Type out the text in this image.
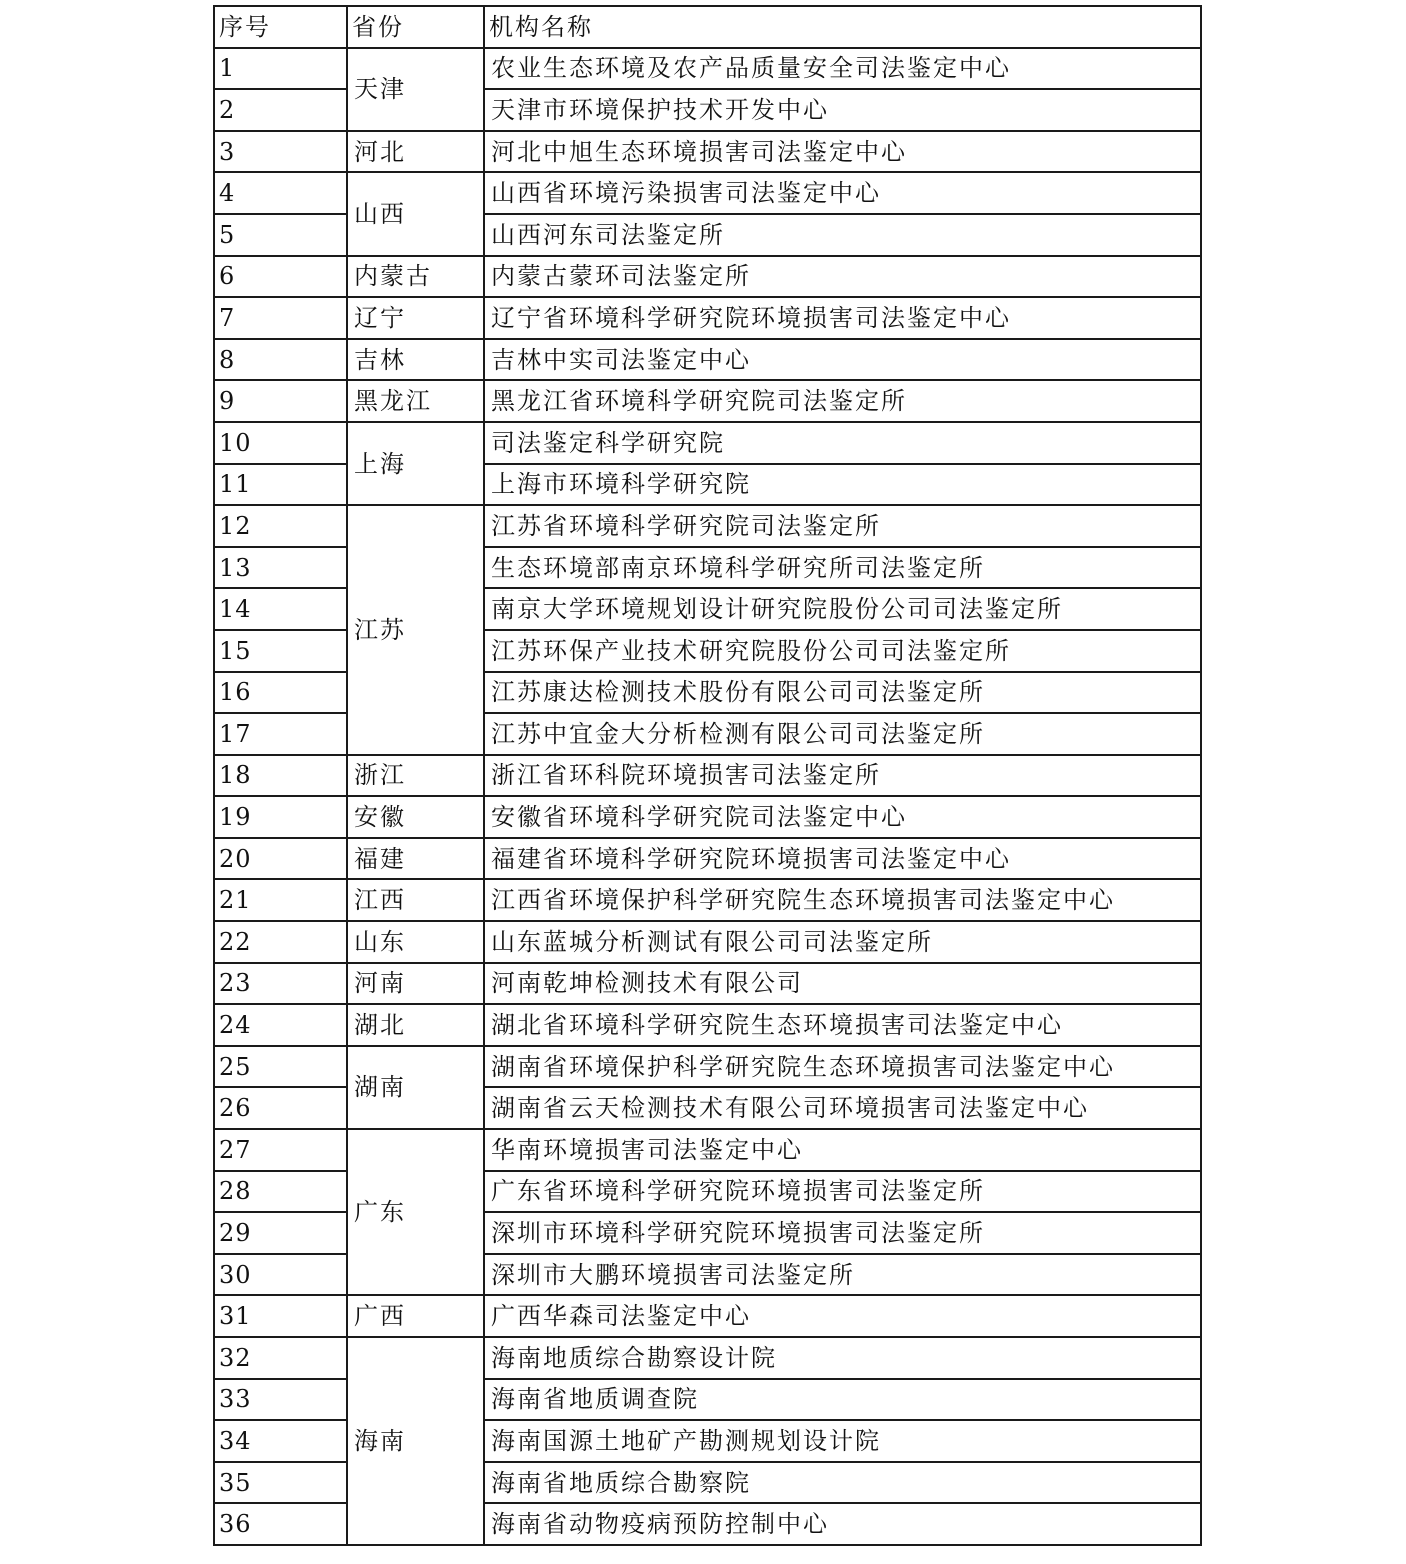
序号	省份	机构名称
1	天津	农业生态环境及农产品质量安全司法鉴定中心
2		天津市环境保护技术开发中心
3	河北	河北中旭生态环境损害司法鉴定中心
4	山西	山西省环境污染损害司法鉴定中心
5		山西河东司法鉴定所
6	内蒙古	内蒙古蒙环司法鉴定所
7	辽宁	辽宁省环境科学研究院环境损害司法鉴定中心
8	吉林	吉林中实司法鉴定中心
9	黑龙江	黑龙江省环境科学研究院司法鉴定所
10	上海	司法鉴定科学研究院
11		上海市环境科学研究院
12	江苏	江苏省环境科学研究院司法鉴定所
13		生态环境部南京环境科学研究所司法鉴定所
14		南京大学环境规划设计研究院股份公司司法鉴定所
15		江苏环保产业技术研究院股份公司司法鉴定所
16		江苏康达检测技术股份有限公司司法鉴定所
17		江苏中宜金大分析检测有限公司司法鉴定所
18	浙江	浙江省环科院环境损害司法鉴定所
19	安徽	安徽省环境科学研究院司法鉴定中心
20	福建	福建省环境科学研究院环境损害司法鉴定中心
21	江西	江西省环境保护科学研究院生态环境损害司法鉴定中心
22	山东	山东蓝城分析测试有限公司司法鉴定所
23	河南	河南乾坤检测技术有限公司
24	湖北	湖北省环境科学研究院生态环境损害司法鉴定中心
25	湖南	湖南省环境保护科学研究院生态环境损害司法鉴定中心
26		湖南省云天检测技术有限公司环境损害司法鉴定中心
27	广东	华南环境损害司法鉴定中心
28		广东省环境科学研究院环境损害司法鉴定所
29		深圳市环境科学研究院环境损害司法鉴定所
30		深圳市大鹏环境损害司法鉴定所
31	广西	广西华森司法鉴定中心
32	海南	海南地质综合勘察设计院
33		海南省地质调查院
34		海南国源土地矿产勘测规划设计院
35		海南省地质综合勘察院
36		海南省动物疫病预防控制中心
